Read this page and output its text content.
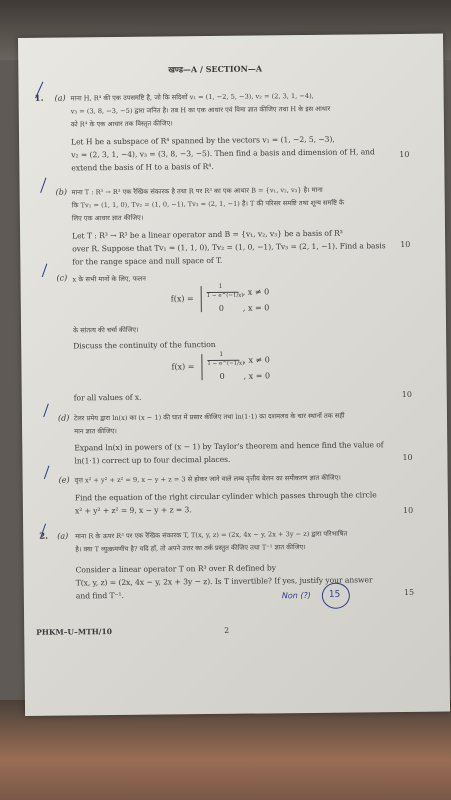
खण्ड—A / SECTION—A
1. (a) माना H, R⁴ की एक उपसमष्टि है, जो कि सदिशों v₁ = (1, −2, 5, −3), v₂ = (2, 3, 1, −4),
v₃ = (3, 8, −3, −5) द्वारा जनित है। तब H का एक आधार एवं विमा ज्ञात कीजिए तथा H के इस आधार
को R⁴ के एक आधार तक विस्तृत कीजिए।
Let H be a subspace of R⁴ spanned by the vectors v₁ = (1, −2, 5, −3),
v₂ = (2, 3, 1, −4), v₃ = (3, 8, −3, −5). Then find a basis and dimension of H, and
extend the basis of H to a basis of R⁴.
10
(b) माना T : R³ → R³ एक रैखिक संकारक है तथा R पर R³ का एक आधार B = {v₁, v₂, v₃} है। माना
कि Tv₁ = (1, 1, 0), Tv₂ = (1, 0, −1), Tv₃ = (2, 1, −1) है। T की परिसर समष्टि तथा शून्य समष्टि के
लिए एक आधार ज्ञात कीजिए।
Let T : R³ → R³ be a linear operator and B = {v₁, v₂, v₃} be a basis of R³
over R. Suppose that Tv₁ = (1, 1, 0), Tv₂ = (1, 0, −1), Tv₃ = (2, 1, −1). Find a basis
for the range space and null space of T.
10
(c) x के सभी मानों के लिए, फलन
f(x) =
1
1 − e^(−1/x) , x ≠ 0
0 , x = 0
के सांतत्य की चर्चा कीजिए।
Discuss the continuity of the function
f(x) =
1
1 − e^(−1/x) , x ≠ 0
0 , x = 0
for all values of x.	10
(d) टेलर प्रमेय द्वारा ln(x) का (x − 1) की घात में प्रसार कीजिए तथा ln(1·1) का दशमलव के चार स्थानों तक सही
मान ज्ञात कीजिए।
Expand ln(x) in powers of (x − 1) by Taylor's theorem and hence find the value of
ln(1·1) correct up to four decimal places.	10
(e) वृत्त x² + y² + z² = 9, x − y + z = 3 से होकर जाने वाले लम्ब वृत्तीय बेलन का समीकरण ज्ञात कीजिए।
Find the equation of the right circular cylinder which passes through the circle
x² + y² + z² = 9, x − y + z = 3.	10
2. (a) माना R के ऊपर R³ पर एक रैखिक संकारक T, T(x, y, z) = (2x, 4x − y, 2x + 3y − z) द्वारा परिभाषित
है। क्या T व्युत्क्रमणीय है? यदि हाँ, तो अपने उत्तर का तर्क प्रस्तुत कीजिए तथा T⁻¹ ज्ञात कीजिए।
Consider a linear operator T on R³ over R defined by
T(x, y, z) = (2x, 4x − y, 2x + 3y − z). Is T invertible? If yes, justify your answer
and find T⁻¹.	15
Non (?) 15
PHKM–U–MTH/10	2
